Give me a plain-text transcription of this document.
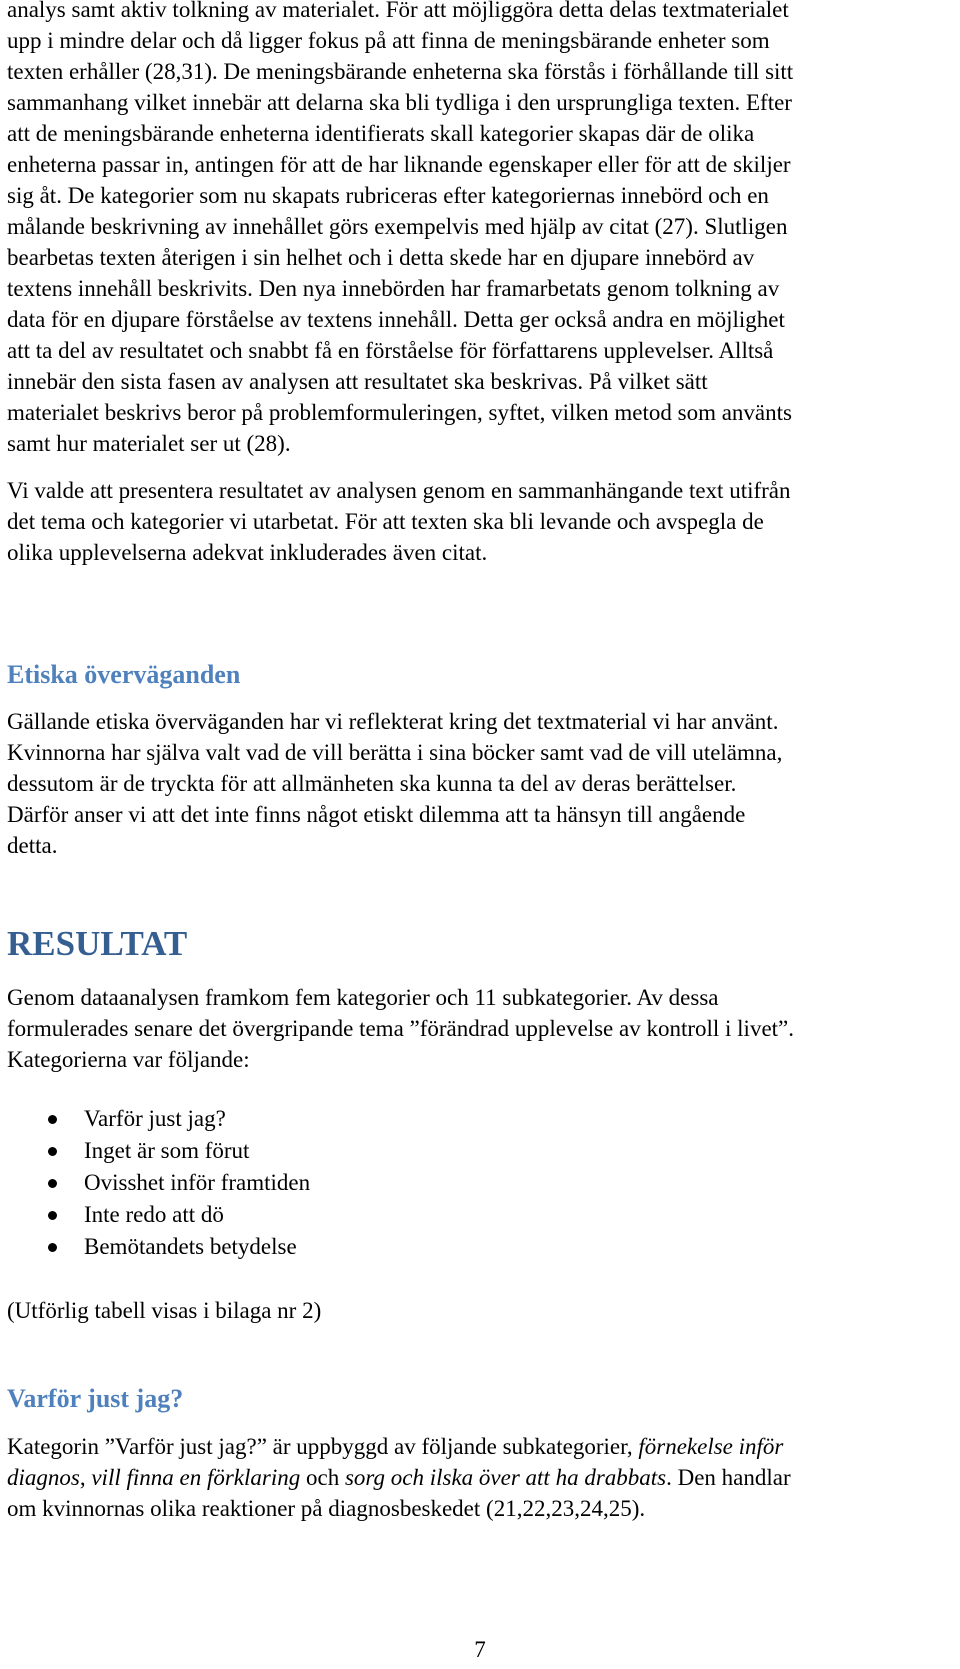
analys samt aktiv tolkning av materialet. För att möjliggöra detta delas textmaterialet
upp i mindre delar och då ligger fokus på att finna de meningsbärande enheter som
texten erhåller (28,31). De meningsbärande enheterna ska förstås i förhållande till sitt
sammanhang vilket innebär att delarna ska bli tydliga i den ursprungliga texten. Efter
att de meningsbärande enheterna identifierats skall kategorier skapas där de olika
enheterna passar in, antingen för att de har liknande egenskaper eller för att de skiljer
sig åt. De kategorier som nu skapats rubriceras efter kategoriernas innebörd och en
målande beskrivning av innehållet görs exempelvis med hjälp av citat (27). Slutligen
bearbetas texten återigen i sin helhet och i detta skede har en djupare innebörd av
textens innehåll beskrivits. Den nya innebörden har framarbetats genom tolkning av
data för en djupare förståelse av textens innehåll. Detta ger också andra en möjlighet
att ta del av resultatet och snabbt få en förståelse för författarens upplevelser. Alltså
innebär den sista fasen av analysen att resultatet ska beskrivas. På vilket sätt
materialet beskrivs beror på problemformuleringen, syftet, vilken metod som använts
samt hur materialet ser ut (28).
Vi valde att presentera resultatet av analysen genom en sammanhängande text utifrån
det tema och kategorier vi utarbetat. För att texten ska bli levande och avspegla de
olika upplevelserna adekvat inkluderades även citat.
Etiska överväganden
Gällande etiska överväganden har vi reflekterat kring det textmaterial vi har använt.
Kvinnorna har själva valt vad de vill berätta i sina böcker samt vad de vill utelämna,
dessutom är de tryckta för att allmänheten ska kunna ta del av deras berättelser.
Därför anser vi att det inte finns något etiskt dilemma att ta hänsyn till angående
detta.
RESULTAT
Genom dataanalysen framkom fem kategorier och 11 subkategorier. Av dessa
formulerades senare det övergripande tema ”förändrad upplevelse av kontroll i livet”.
Kategorierna var följande:
Varför just jag?
Inget är som förut
Ovisshet inför framtiden
Inte redo att dö
Bemötandets betydelse
(Utförlig tabell visas i bilaga nr 2)
Varför just jag?
Kategorin ”Varför just jag?” är uppbyggd av följande subkategorier, förnekelse inför
diagnos, vill finna en förklaring och sorg och ilska över att ha drabbats. Den handlar
om kvinnornas olika reaktioner på diagnosbeskedet (21,22,23,24,25).
7
